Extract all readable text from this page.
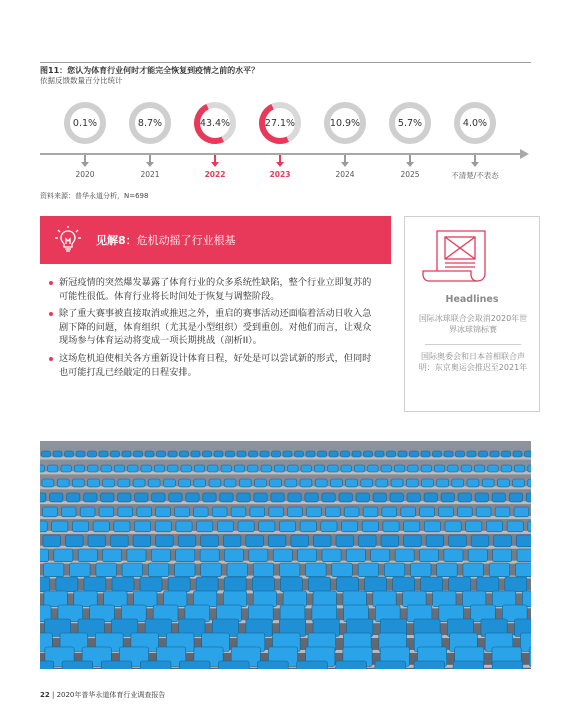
图11：您认为体育行业何时才能完全恢复到疫情之前的水平？
依据反馈数量百分比统计
0.1%
2020
8.7%
2021
43.4%
2022
27.1%
2023
10.9%
2024
5.7%
2025
4.0%
不清楚/不表态
资料来源：普华永道分析，N=698
见解8：危机动摇了行业根基
新冠疫情的突然爆发暴露了体育行业的众多系统性缺陷，整个行业立即复苏的可能性很低。体育行业将长时间处于恢复与调整阶段。
除了重大赛事被直接取消或推迟之外，重启的赛事活动还面临着活动日收入急剧下降的问题，体育组织（尤其是小型组织）受到重创。对他们而言，让观众现场参与体育运动将变成一项长期挑战（剖析II）。
这场危机迫使相关各方重新设计体育日程，好处是可以尝试新的形式，但同时也可能打乱已经敲定的日程安排。
Headlines
国际冰球联合会取消2020年世界冰球锦标赛
国际奥委会和日本首相联合声明：东京奥运会推迟至2021年
22 | 2020年普华永道体育行业调查报告
